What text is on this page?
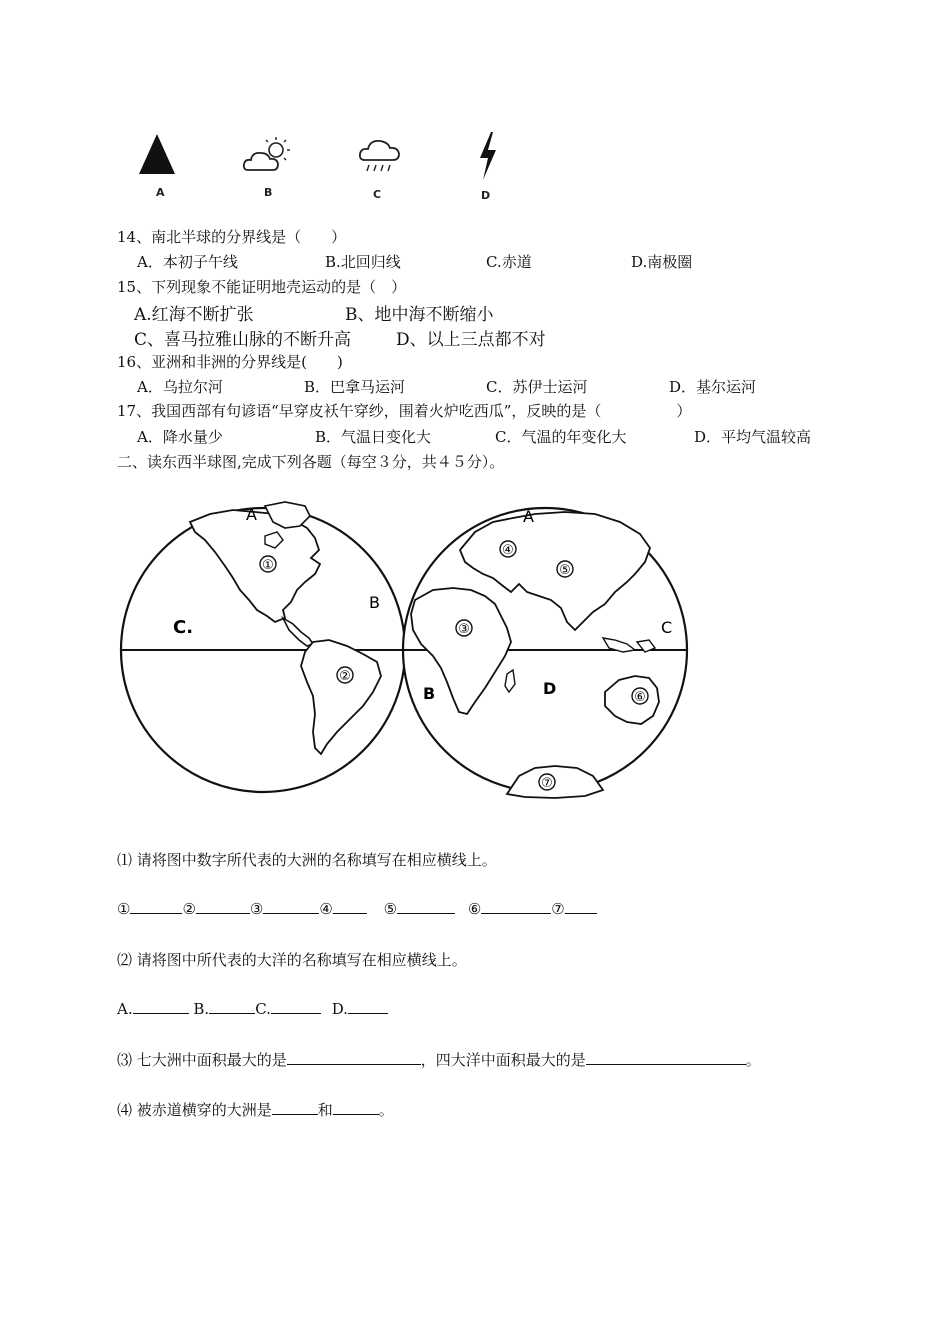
A	B	C	D
14、南北半球的分界线是（　　）
A．本初子午线	B.北回归线	C.赤道	D.南极圈
15、下列现象不能证明地壳运动的是（　）
A.红海不断扩张	B、地中海不断缩小
C、喜马拉雅山脉的不断升高	D、以上三点都不对
16、亚洲和非洲的分界线是(　　)
A．乌拉尔河	B．巴拿马运河	C．苏伊士运河	D．基尔运河
17、我国西部有句谚语“早穿皮袄午穿纱，围着火炉吃西瓜”，反映的是（　　　　　）
A．降水量少	B．气温日变化大	C．气温的年变化大	D．平均气温较高
二、读东西半球图,完成下列各题（每空３分，共４５分）。
A
B
C.
①
②
A
B
C
D
③
④
⑤
⑥
⑦
⑴ 请将图中数字所代表的大洲的名称填写在相应横线上。
①	②	③	④	⑤	⑥	⑦
⑵ 请将图中所代表的大洋的名称填写在相应横线上。
A.	B.	C.	D.
⑶ 七大洲中面积最大的是	，四大洋中面积最大的是	。
⑷ 被赤道横穿的大洲是	和	。
